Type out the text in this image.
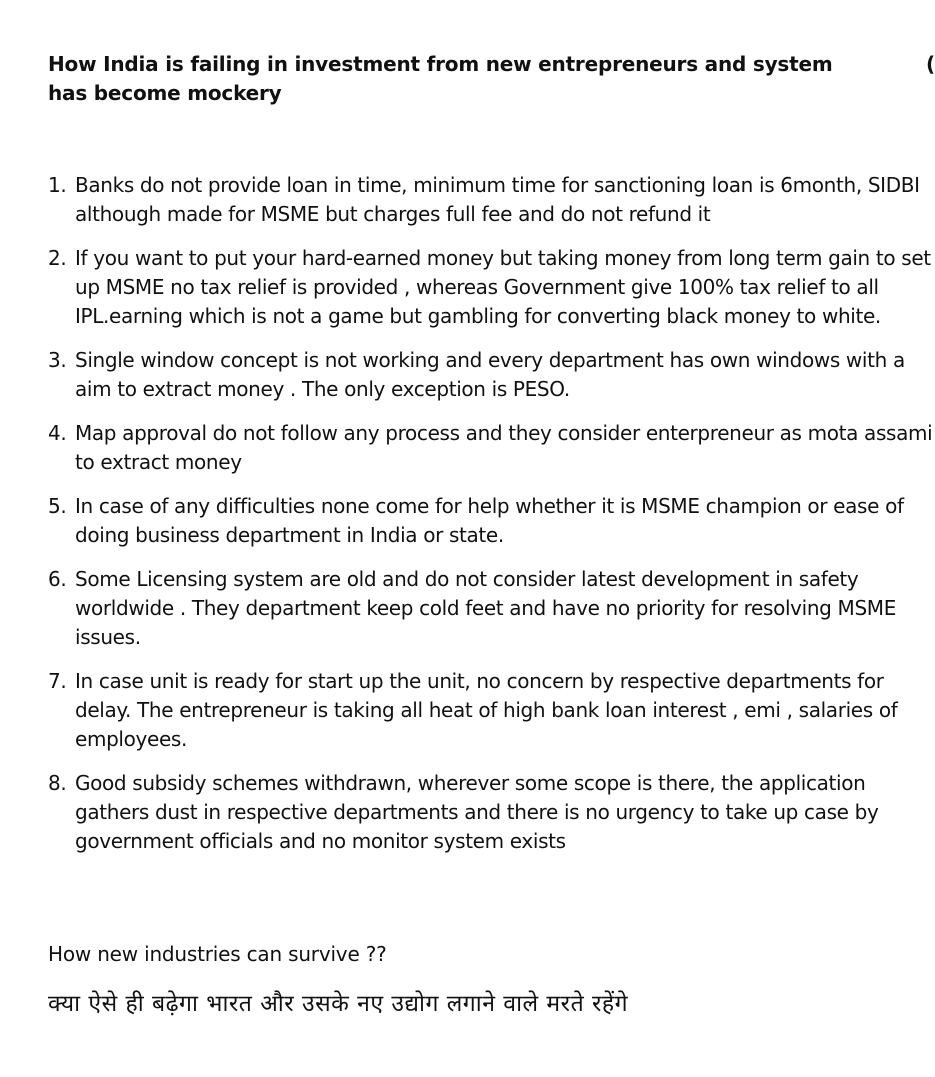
How India is failing in investment from new entrepreneurs and system has become mockery
1. Banks do not provide loan in time, minimum time for sanctioning loan is 6month, SIDBI although made for MSME but charges full fee and do not refund it
2. If you want to put your hard-earned money but taking money from long term gain to set up MSME no tax relief is provided , whereas Government give 100% tax relief to all IPL.earning which is not a game but gambling for converting black money to white.
3. Single window concept is not working and every department has own windows with a aim to extract money . The only exception is PESO.
4. Map approval do not follow any process and they consider enterpreneur as mota assami to extract money
5. In case of any difficulties none come for help whether it is MSME champion or ease of doing business department in India or state.
6. Some Licensing system are old and do not consider latest development in safety worldwide . They department keep cold feet and have no priority for resolving MSME issues.
7. In case unit is ready for start up the unit, no concern by respective departments for delay. The entrepreneur is taking all heat of high bank loan interest , emi , salaries of employees.
8. Good subsidy schemes withdrawn, wherever some scope is there, the application gathers dust in respective departments and there is no urgency to take up case by government officials and no monitor system exists

How new industries can survive ??

क्या ऐसे ही बढ़ेगा भारत और उसके नए उद्योग लगाने वाले मरते रहेंगे

(
